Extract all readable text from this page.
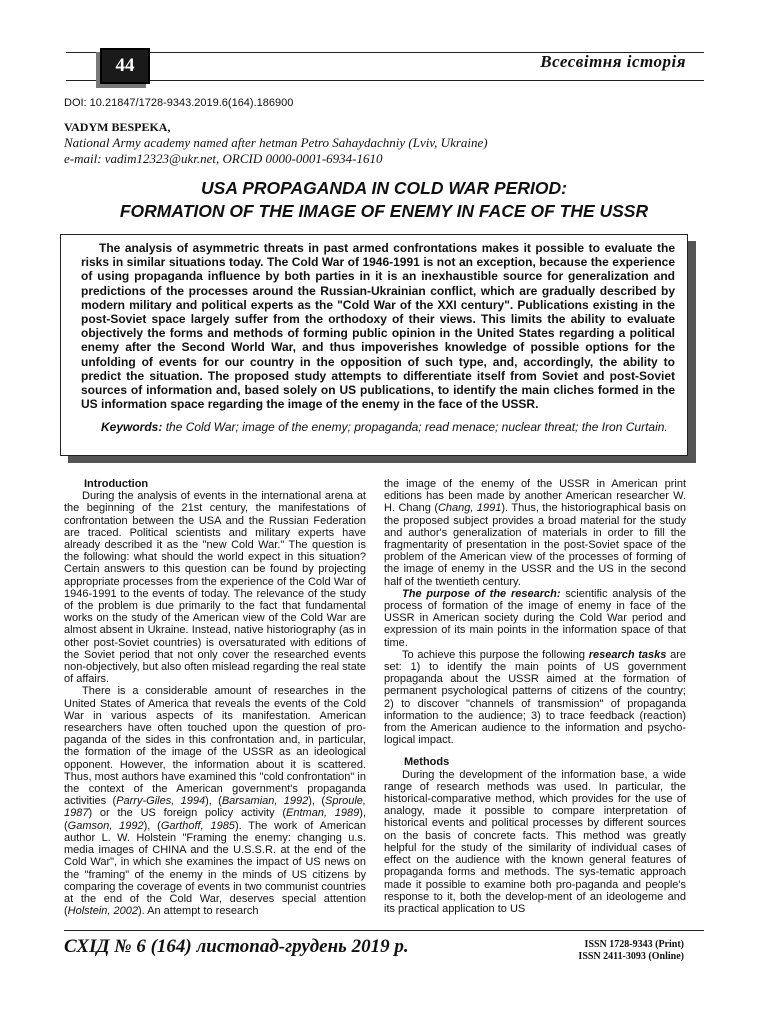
44	Всесвітня історія
DOI: 10.21847/1728-9343.2019.6(164).186900
VADYM BESPEKA,
National Army academy named after hetman Petro Sahaydachniy (Lviv, Ukraine)
e-mail: vadim12323@ukr.net, ORCID 0000-0001-6934-1610
USA PROPAGANDA IN COLD WAR PERIOD:
FORMATION OF THE IMAGE OF ENEMY IN FACE OF THE USSR

The analysis of asymmetric threats in past armed confrontations makes it possible to evaluate the risks in similar situations today. The Cold War of 1946-1991 is not an exception, because the experience of using propaganda influence by both parties in it is an inexhaustible source for generalization and predictions of the processes around the Russian-Ukrainian conflict, which are gradually described by modern military and political experts as the "Cold War of the XXI century". Publications existing in the post-Soviet space largely suffer from the orthodoxy of their views. This limits the ability to evaluate objectively the forms and methods of forming public opinion in the United States regarding a political enemy after the Second World War, and thus impoverishes knowledge of possible options for the unfolding of events for our country in the opposition of such type, and, accordingly, the ability to predict the situation. The proposed study attempts to differentiate itself from Soviet and post-Soviet sources of information and, based solely on US publications, to identify the main cliches formed in the US information space regarding the image of the enemy in the face of the USSR.

Keywords: the Cold War; image of the enemy; propaganda; read menace; nuclear threat; the Iron Curtain.
Introduction

During the analysis of events in the international arena at the beginning of the 21st century, the manifestations of confrontation between the USA and the Russian Federation are traced. Political scientists and military experts have already described it as the "new Cold War." The question is the following: what should the world expect in this situation? Certain answers to this question can be found by projecting appropriate processes from the experience of the Cold War of 1946-1991 to the events of today. The relevance of the study of the problem is due primarily to the fact that fundamental works on the study of the American view of the Cold War are almost absent in Ukraine. Instead, native historiography (as in other post-Soviet countries) is oversaturated with editions of the Soviet period that not only cover the researched events non-objectively, but also often mislead regarding the real state of affairs.

There is a considerable amount of researches in the United States of America that reveals the events of the Cold War in various aspects of its manifestation. American researchers have often touched upon the question of pro-paganda of the sides in this confrontation and, in particular, the formation of the image of the USSR as an ideological opponent. However, the information about it is scattered. Thus, most authors have examined this "cold confrontation" in the context of the American government's propaganda activities (Parry-Giles, 1994), (Barsamian, 1992), (Sproule, 1987) or the US foreign policy activity (Entman, 1989), (Gamson, 1992), (Garthoff, 1985). The work of American author L. W. Holstein "Framing the enemy: changing u.s. media images of CHINA and the U.S.S.R. at the end of the Cold War", in which she examines the impact of US news on the "framing" of the enemy in the minds of US citizens by comparing the coverage of events in two communist countries at the end of the Cold War, deserves special attention (Holstein, 2002). An attempt to research

the image of the enemy of the USSR in American print editions has been made by another American researcher W. H. Chang (Chang, 1991). Thus, the historiographical basis on the proposed subject provides a broad material for the study and author's generalization of materials in order to fill the fragmentarity of presentation in the post-Soviet space of the problem of the American view of the processes of forming of the image of enemy in the USSR and the US in the second half of the twentieth century.

The purpose of the research: scientific analysis of the process of formation of the image of enemy in face of the USSR in American society during the Cold War period and expression of its main points in the information space of that time.

To achieve this purpose the following research tasks are set: 1) to identify the main points of US government propaganda about the USSR aimed at the formation of permanent psychological patterns of citizens of the country; 2) to discover "channels of transmission" of propaganda information to the audience; 3) to trace feedback (reaction) from the American audience to the information and psycho-logical impact.

Methods

During the development of the information base, a wide range of research methods was used. In particular, the historical-comparative method, which provides for the use of analogy, made it possible to compare interpretation of historical events and political processes by different sources on the basis of concrete facts. This method was greatly helpful for the study of the similarity of individual cases of effect on the audience with the known general features of propaganda forms and methods. The sys-tematic approach made it possible to examine both pro-paganda and people's response to it, both the develop-ment of an ideologeme and its practical application to US

СХІД № 6 (164) листопад-грудень 2019 р.	ISSN 1728-9343 (Print)
ISSN 2411-3093 (Online)
